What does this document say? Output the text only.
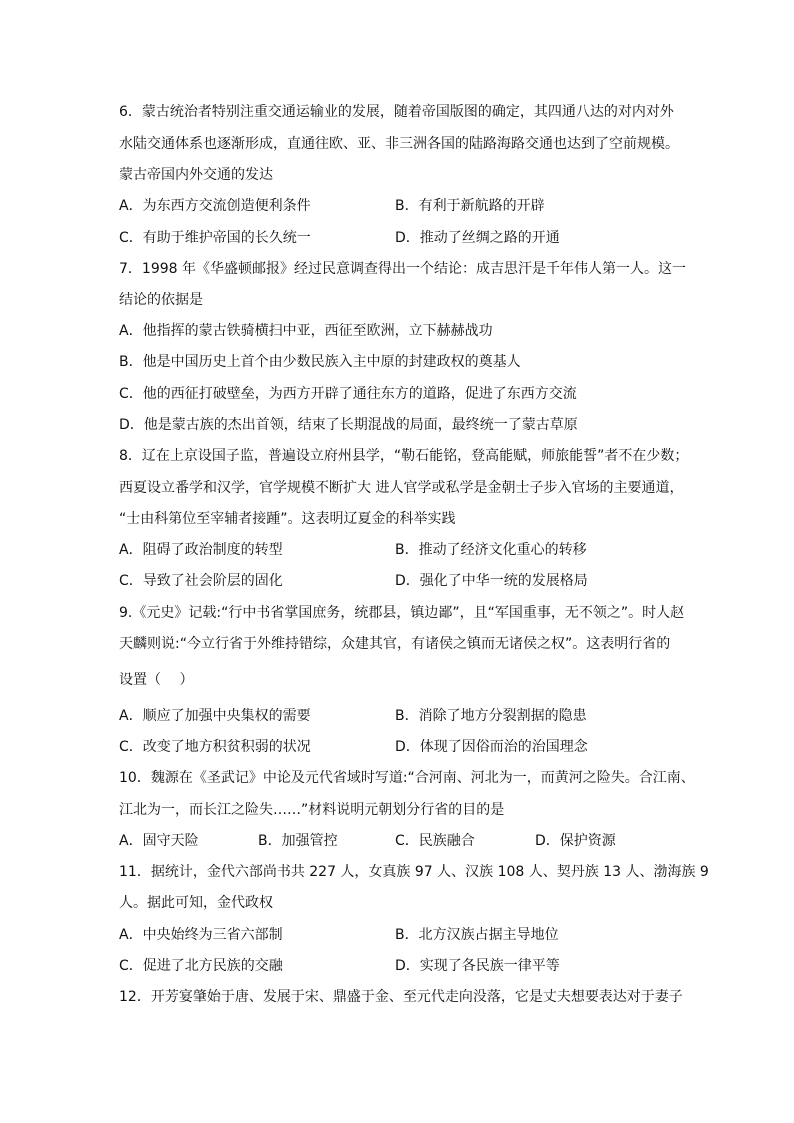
6．蒙古统治者特别注重交通运输业的发展，随着帝国版图的确定，其四通八达的对内对外
水陆交通体系也逐渐形成，直通往欧、亚、非三洲各国的陆路海路交通也达到了空前规模。
蒙古帝国内外交通的发达
A．为东西方交流创造便利条件	B．有利于新航路的开辟
C．有助于维护帝国的长久统一	D．推动了丝绸之路的开通
7．1998 年《华盛顿邮报》经过民意调查得出一个结论：成吉思汗是千年伟人第一人。这一
结论的依据是
A．他指挥的蒙古铁骑横扫中亚，西征至欧洲，立下赫赫战功
B．他是中国历史上首个由少数民族入主中原的封建政权的奠基人
C．他的西征打破壁垒，为西方开辟了通往东方的道路，促进了东西方交流
D．他是蒙古族的杰出首领，结束了长期混战的局面，最终统一了蒙古草原
8．辽在上京设国子监，普遍设立府州县学，“勒石能铭，登高能赋，师旅能誓”者不在少数；
西夏设立番学和汉学，官学规模不断扩大 进人官学或私学是金朝士子步入官场的主要通道，
“士由科第位至宰辅者接踵”。这表明辽夏金的科举实践
A．阻碍了政治制度的转型	B．推动了经济文化重心的转移
C．导致了社会阶层的固化	D．强化了中华一统的发展格局
9.《元史》记载:“行中书省掌国庶务，统郡县，镇边鄙”，且“军国重事，无不领之”。时人赵
天麟则说:“今立行省于外维持错综，众建其官，有诸侯之镇而无诸侯之权”。这表明行省的
设置（　 ）
A．顺应了加强中央集权的需要	B．消除了地方分裂割据的隐患
C．改变了地方积贫积弱的状况	D．体现了因俗而治的治国理念
10．魏源在《圣武记》中论及元代省域时写道:“合河南、河北为一，而黄河之险失。合江南、
江北为一，而长江之险失……”材料说明元朝划分行省的目的是
A．固守天险	B．加强管控	C．民族融合	D．保护资源
11．据统计，金代六部尚书共 227 人，女真族 97 人、汉族 108 人、契丹族 13 人、渤海族 9
人。据此可知，金代政权
A．中央始终为三省六部制	B．北方汉族占据主导地位
C．促进了北方民族的交融	D．实现了各民族一律平等
12．开芳宴肇始于唐、发展于宋、鼎盛于金、至元代走向没落，它是丈夫想要表达对于妻子
